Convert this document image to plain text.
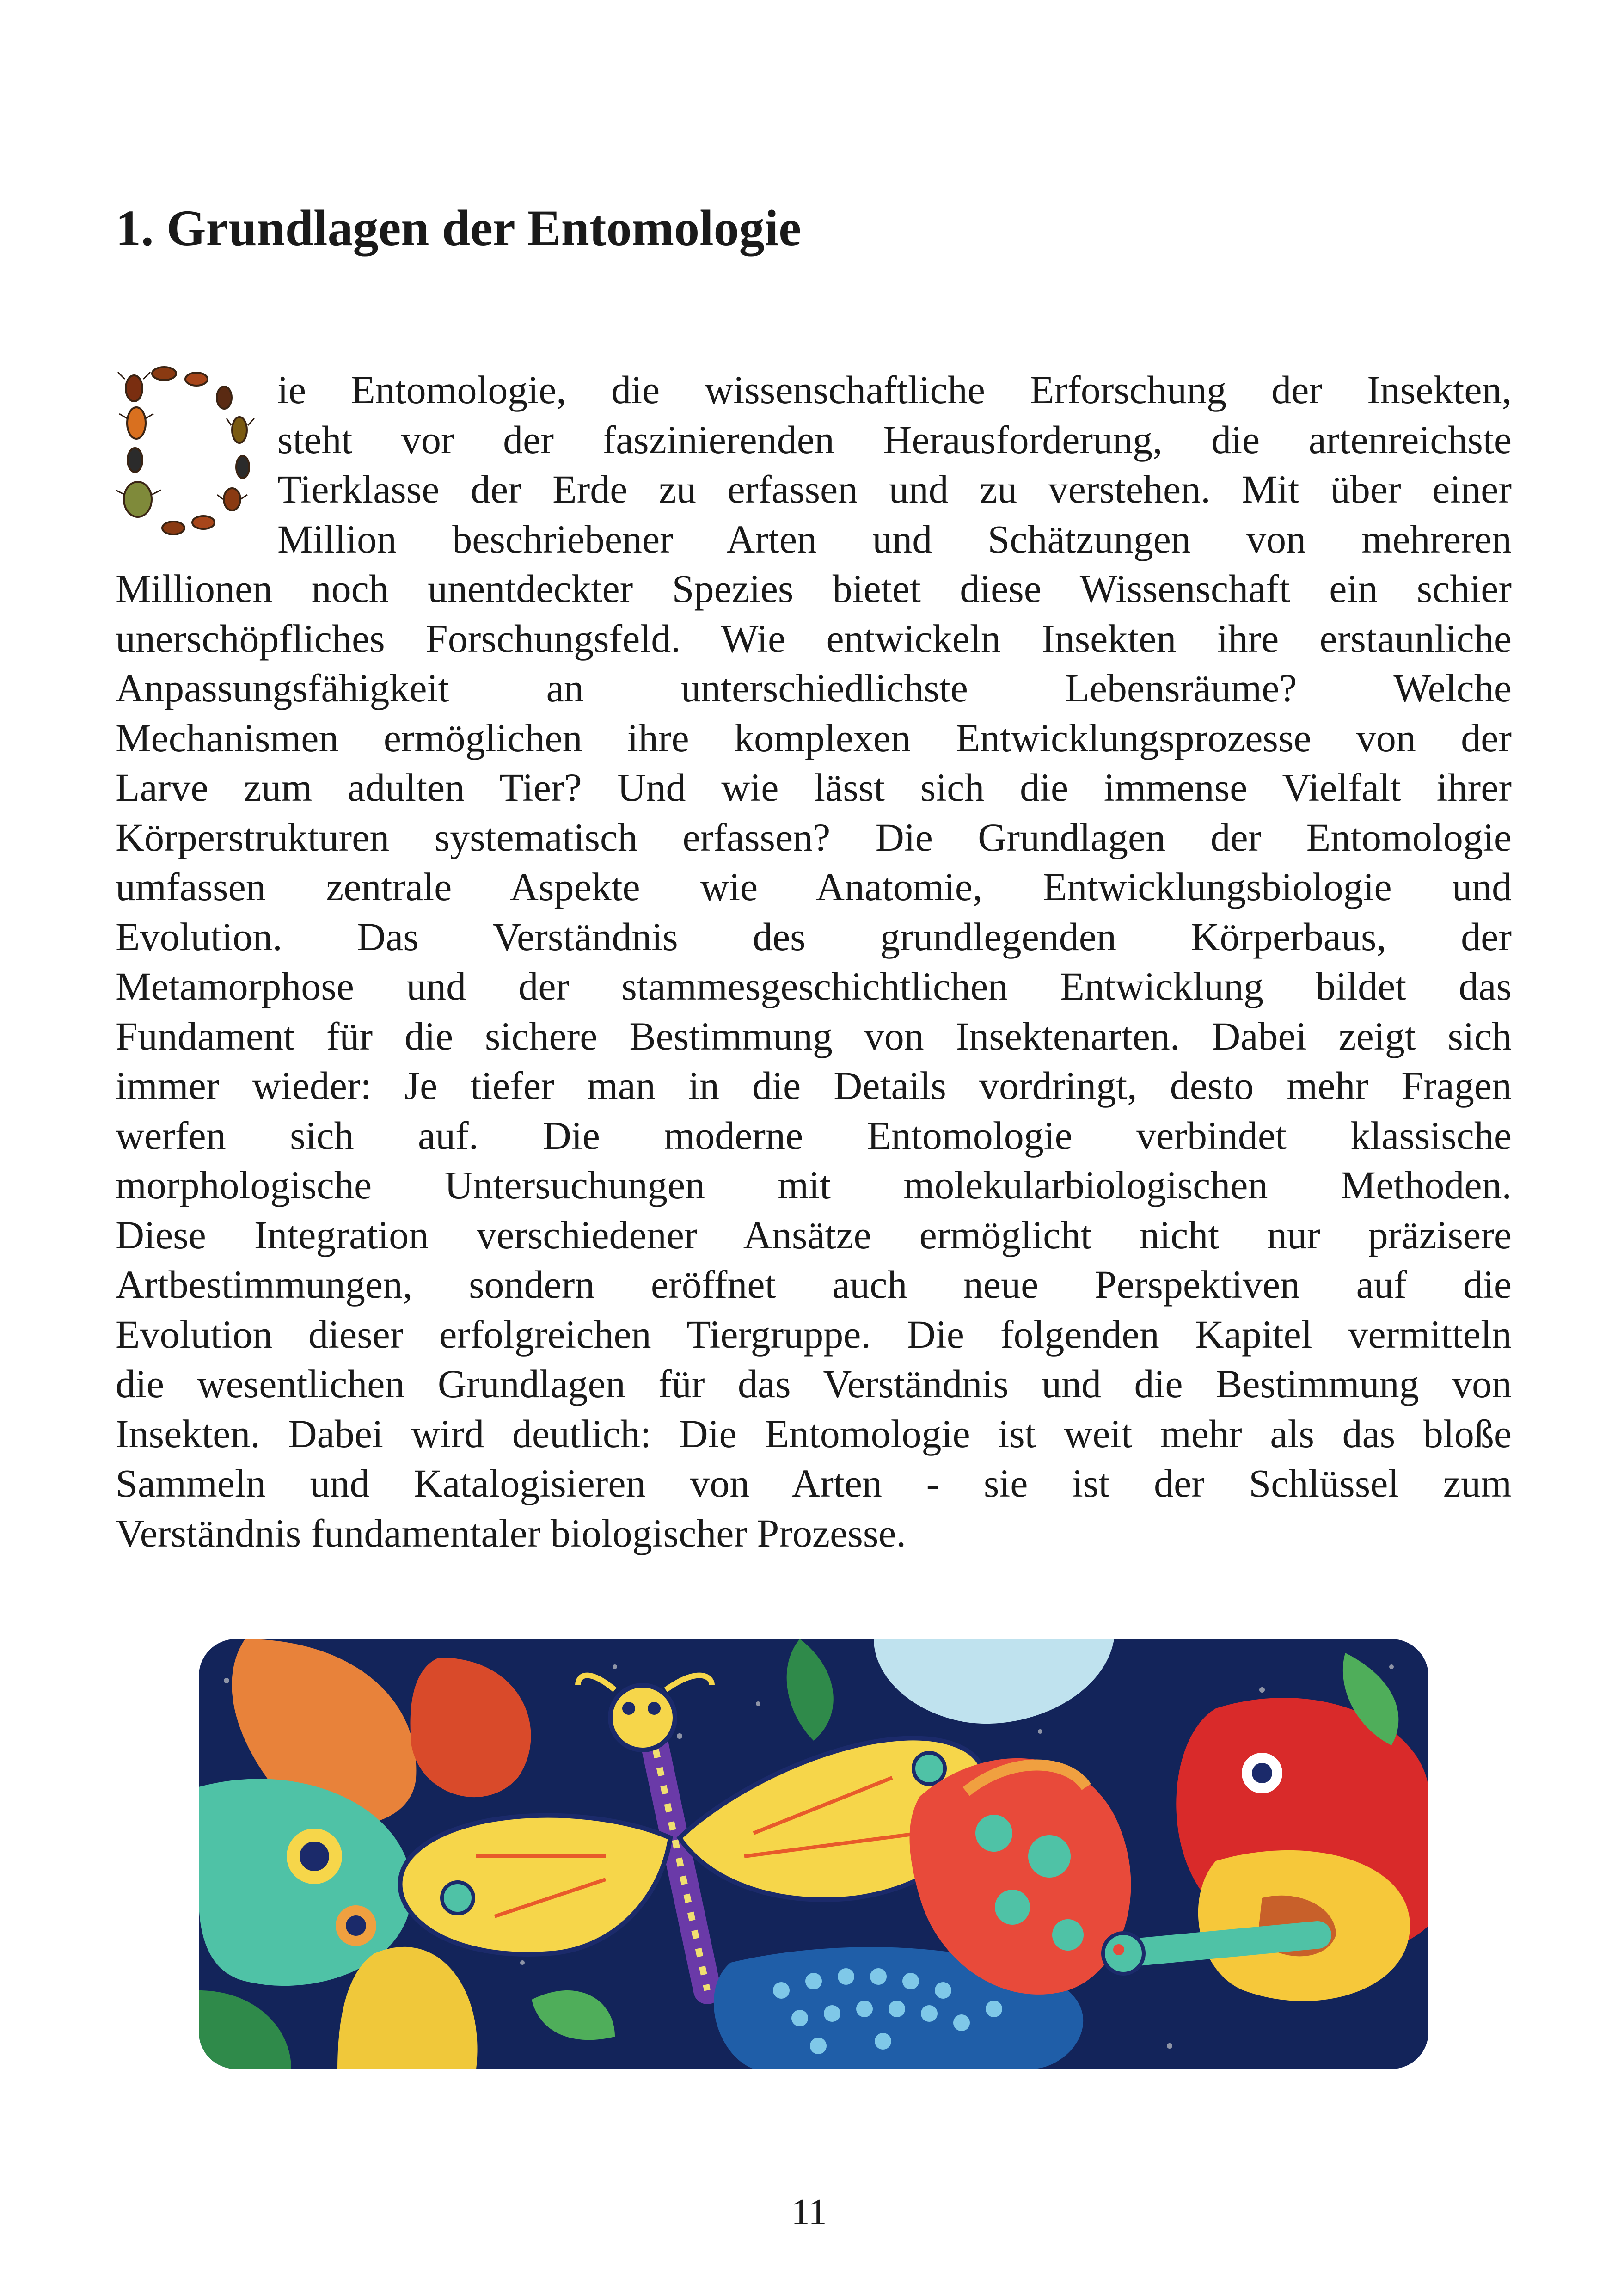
1. Grundlagen der Entomologie
ie Entomologie, die wissenschaftliche Erforschung der Insekten,
steht vor der faszinierenden Herausforderung, die artenreichste
Tierklasse der Erde zu erfassen und zu verstehen. Mit über einer
Million beschriebener Arten und Schätzungen von mehreren
Millionen noch unentdeckter Spezies bietet diese Wissenschaft ein schier
unerschöpfliches Forschungsfeld. Wie entwickeln Insekten ihre erstaunliche
Anpassungsfähigkeit an unterschiedlichste Lebensräume? Welche
Mechanismen ermöglichen ihre komplexen Entwicklungsprozesse von der
Larve zum adulten Tier? Und wie lässt sich die immense Vielfalt ihrer
Körperstrukturen systematisch erfassen? Die Grundlagen der Entomologie
umfassen zentrale Aspekte wie Anatomie, Entwicklungsbiologie und
Evolution. Das Verständnis des grundlegenden Körperbaus, der
Metamorphose und der stammesgeschichtlichen Entwicklung bildet das
Fundament für die sichere Bestimmung von Insektenarten. Dabei zeigt sich
immer wieder: Je tiefer man in die Details vordringt, desto mehr Fragen
werfen sich auf. Die moderne Entomologie verbindet klassische
morphologische Untersuchungen mit molekularbiologischen Methoden.
Diese Integration verschiedener Ansätze ermöglicht nicht nur präzisere
Artbestimmungen, sondern eröffnet auch neue Perspektiven auf die
Evolution dieser erfolgreichen Tiergruppe. Die folgenden Kapitel vermitteln
die wesentlichen Grundlagen für das Verständnis und die Bestimmung von
Insekten. Dabei wird deutlich: Die Entomologie ist weit mehr als das bloße
Sammeln und Katalogisieren von Arten - sie ist der Schlüssel zum
Verständnis fundamentaler biologischer Prozesse.
11
